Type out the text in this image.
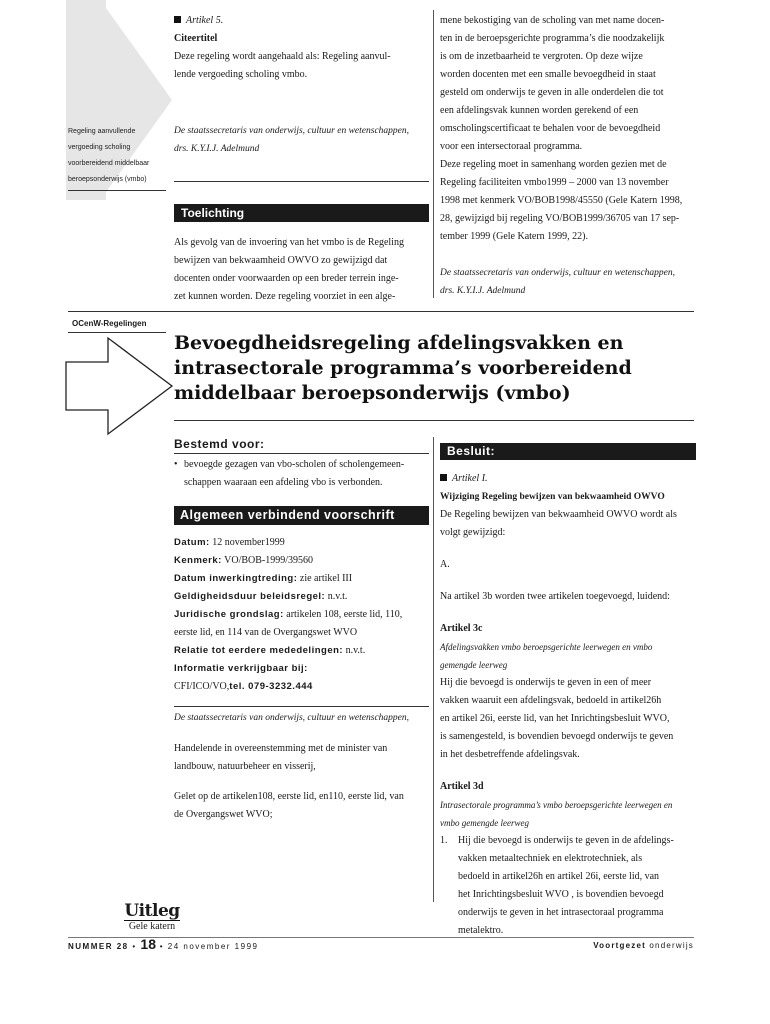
Artikel 5.
Citeertitel
Deze regeling wordt aangehaald als: Regeling aanvul-
lende vergoeding scholing vmbo.
De staatssecretaris van onderwijs, cultuur en wetenschappen,
drs. K.Y.I.J. Adelmund
Regeling aanvullende
vergoeding scholing
voorbereidend middelbaar
beroepsonderwijs (vmbo)
Toelichting
Als gevolg van de invoering van het vmbo is de Regeling
bewijzen van bekwaamheid OWVO zo gewijzigd dat
docenten onder voorwaarden op een breder terrein inge-
zet kunnen worden. Deze regeling voorziet in een alge-
mene bekostiging van de scholing van met name docen-
ten in de beroepsgerichte programma’s die noodzakelijk
is om de inzetbaarheid te vergroten. Op deze wijze
worden docenten met een smalle bevoegdheid in staat
gesteld om onderwijs te geven in alle onderdelen die tot
een afdelingsvak kunnen worden gerekend of een
omscholingscertificaat te behalen voor de bevoegdheid
voor een intersectoraal programma.
Deze regeling moet in samenhang worden gezien met de
Regeling faciliteiten vmbo1999 – 2000 van 13 november
1998 met kenmerk VO/BOB1998/45550 (Gele Katern 1998,
28, gewijzigd bij regeling VO/BOB1999/36705 van 17 sep-
tember 1999 (Gele Katern 1999, 22).
De staatssecretaris van onderwijs, cultuur en wetenschappen,
drs. K.Y.I.J. Adelmund
OCenW-Regelingen
Bevoegdheidsregeling afdelingsvakken en
intrasectorale programma’s voorbereidend
middelbaar beroepsonderwijs (vmbo)
Bestemd voor:
• bevoegde gezagen van vbo-scholen of scholengemeen-
schappen waaraan een afdeling vbo is verbonden.
Algemeen verbindend voorschrift
Datum: 12 november1999
Kenmerk: VO/BOB-1999/39560
Datum inwerkingtreding: zie artikel III
Geldigheidsduur beleidsregel: n.v.t.
Juridische grondslag: artikelen 108, eerste lid, 110,
eerste lid, en 114 van de Overgangswet WVO
Relatie tot eerdere mededelingen: n.v.t.
Informatie verkrijgbaar bij:
CFI/ICO/VO,tel. 079-3232.444
De staatssecretaris van onderwijs, cultuur en wetenschappen,
Handelende in overeenstemming met de minister van
landbouw, natuurbeheer en visserij,
Gelet op de artikelen108, eerste lid, en110, eerste lid, van
de Overgangswet WVO;
Besluit:
Artikel I.
Wijziging Regeling bewijzen van bekwaamheid OWVO
De Regeling bewijzen van bekwaamheid OWVO wordt als
volgt gewijzigd:
A.
Na artikel 3b worden twee artikelen toegevoegd, luidend:
Artikel 3c
Afdelingsvakken vmbo beroepsgerichte leerwegen en vmbo
gemengde leerweg
Hij die bevoegd is onderwijs te geven in een of meer
vakken waaruit een afdelingsvak, bedoeld in artikel26h
en artikel 26i, eerste lid, van het Inrichtingsbesluit WVO,
is samengesteld, is bovendien bevoegd onderwijs te geven
in het desbetreffende afdelingsvak.
Artikel 3d
Intrasectorale programma’s vmbo beroepsgerichte leerwegen en
vmbo gemengde leerweg
1. Hij die bevoegd is onderwijs te geven in de afdelings-
vakken metaaltechniek en elektrotechniek, als
bedoeld in artikel26h en artikel 26i, eerste lid, van
het Inrichtingsbesluit WVO , is bovendien bevoegd
onderwijs te geven in het intrasectoraal programma
metalektro.
Uitleg
Gele katern
NUMMER 28 • 18 • 24 november 1999	Voortgezet onderwijs
